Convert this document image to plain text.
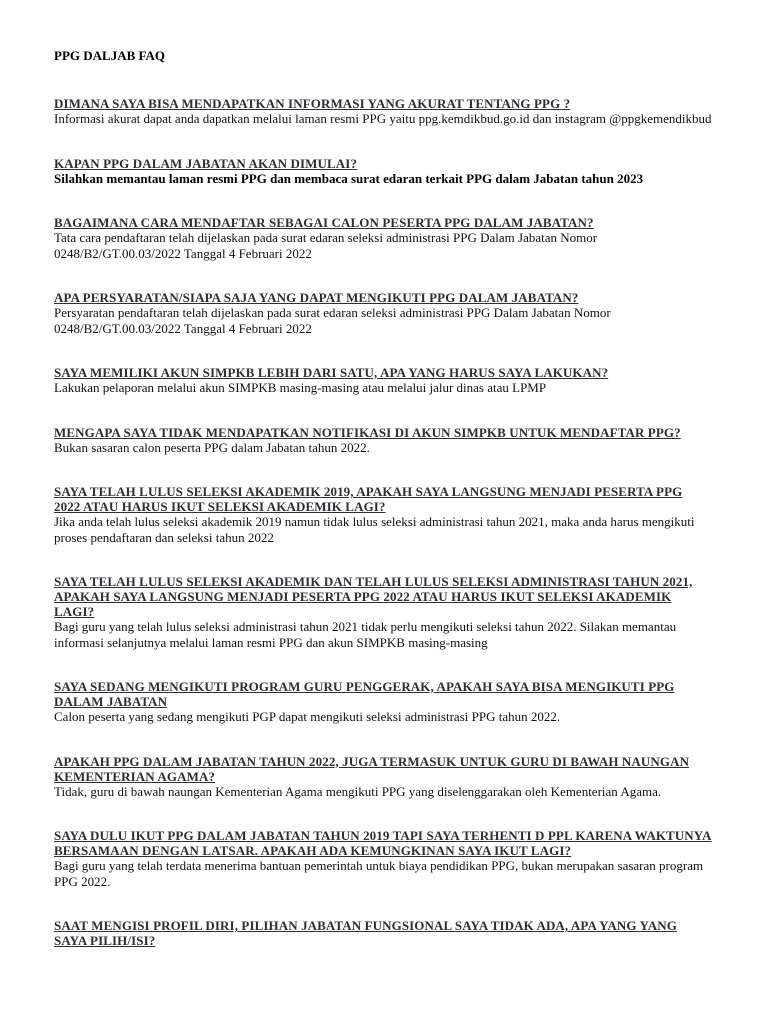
PPG DALJAB FAQ
DIMANA SAYA BISA MENDAPATKAN INFORMASI YANG AKURAT TENTANG PPG ?
Informasi akurat dapat anda dapatkan melalui laman resmi PPG yaitu ppg.kemdikbud.go.id dan instagram @ppgkemendikbud
KAPAN PPG DALAM JABATAN AKAN DIMULAI?
Silahkan memantau laman resmi PPG dan membaca surat edaran terkait PPG dalam Jabatan tahun 2023
BAGAIMANA CARA MENDAFTAR SEBAGAI CALON PESERTA PPG DALAM JABATAN?
Tata cara pendaftaran telah dijelaskan pada surat edaran seleksi administrasi PPG Dalam Jabatan Nomor 0248/B2/GT.00.03/2022 Tanggal 4 Februari 2022
APA PERSYARATAN/SIAPA SAJA YANG DAPAT MENGIKUTI PPG DALAM JABATAN?
Persyaratan pendaftaran telah dijelaskan pada surat edaran seleksi administrasi PPG Dalam Jabatan Nomor 0248/B2/GT.00.03/2022 Tanggal 4 Februari 2022
SAYA MEMILIKI AKUN SIMPKB LEBIH DARI SATU, APA YANG HARUS SAYA LAKUKAN?
Lakukan pelaporan melalui akun SIMPKB masing-masing atau melalui jalur dinas atau LPMP
MENGAPA SAYA TIDAK MENDAPATKAN NOTIFIKASI DI AKUN SIMPKB UNTUK MENDAFTAR PPG?
Bukan sasaran calon peserta PPG dalam Jabatan tahun 2022.
SAYA TELAH LULUS SELEKSI AKADEMIK 2019, APAKAH SAYA LANGSUNG MENJADI PESERTA PPG 2022 ATAU HARUS IKUT SELEKSI AKADEMIK LAGI?
Jika anda telah lulus seleksi akademik 2019 namun tidak lulus seleksi administrasi tahun 2021, maka anda harus mengikuti proses pendaftaran dan seleksi tahun 2022
SAYA TELAH LULUS SELEKSI AKADEMIK DAN TELAH LULUS SELEKSI ADMINISTRASI TAHUN 2021, APAKAH SAYA LANGSUNG MENJADI PESERTA PPG 2022 ATAU HARUS IKUT SELEKSI AKADEMIK LAGI?
Bagi guru yang telah lulus seleksi administrasi tahun 2021 tidak perlu mengikuti seleksi tahun 2022. Silakan memantau informasi selanjutnya melalui laman resmi PPG dan akun SIMPKB masing-masing
SAYA SEDANG MENGIKUTI PROGRAM GURU PENGGERAK, APAKAH SAYA BISA MENGIKUTI PPG DALAM JABATAN
Calon peserta yang sedang mengikuti PGP dapat mengikuti seleksi administrasi PPG tahun 2022.
APAKAH PPG DALAM JABATAN TAHUN 2022, JUGA TERMASUK UNTUK GURU DI BAWAH NAUNGAN KEMENTERIAN AGAMA?
Tidak, guru di bawah naungan Kementerian Agama mengikuti PPG yang diselenggarakan oleh Kementerian Agama.
SAYA DULU IKUT PPG DALAM JABATAN TAHUN 2019 TAPI SAYA TERHENTI D PPL KARENA WAKTUNYA BERSAMAAN DENGAN LATSAR. APAKAH ADA KEMUNGKINAN SAYA IKUT LAGI?
Bagi guru yang telah terdata menerima bantuan pemerintah untuk biaya pendidikan PPG, bukan merupakan sasaran program PPG 2022.
SAAT MENGISI PROFIL DIRI, PILIHAN JABATAN FUNGSIONAL SAYA TIDAK ADA, APA YANG YANG SAYA PILIH/ISI?
